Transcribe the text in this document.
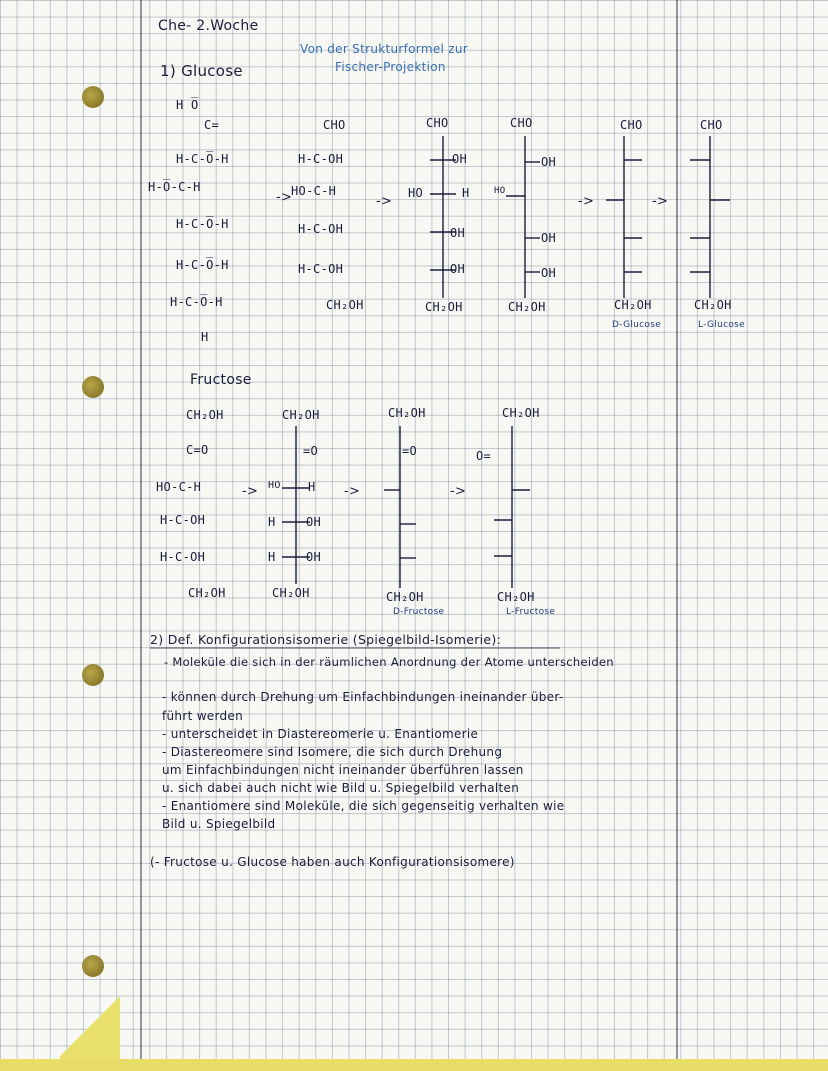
Che- 2.Woche
1) Glucose
Von der Strukturformel zur
Fischer-Projektion
H O̅
C=
H-C-O̅-H
H-O̅-C-H
H-C-O̅-H
H-C-O̅-H
H-C-O̅-H
H
CHO
H-C-OH
HO-C-H
H-C-OH
H-C-OH
CH₂OH
CHO
OH
HO	H
OH
OH
CH₂OH
CHO
OH
HO
OH
OH
CH₂OH
CHO
CH₂OH
D-Glucose
CHO
CH₂OH
L-Glucose
->	->	->	->
Fructose
CH₂OH
C=O
HO-C-H
H-C-OH
H-C-OH
CH₂OH
CH₂OH
=O
HO H
H	OH
H	OH
CH₂OH
CH₂OH
=O
CH₂OH
D-Fructose
CH₂OH
O=
CH₂OH
L-Fructose
->	->	->
2) Def. Konfigurationsisomerie (Spiegelbild-Isomerie):
- Moleküle die sich in der räumlichen Anordnung der Atome unterscheiden
- können durch Drehung um Einfachbindungen ineinander über-
führt werden
- unterscheidet in Diastereomerie u. Enantiomerie
- Diastereomere sind Isomere, die sich durch Drehung
um Einfachbindungen nicht ineinander überführen lassen
u. sich dabei auch nicht wie Bild u. Spiegelbild verhalten
- Enantiomere sind Moleküle, die sich gegenseitig verhalten wie
Bild u. Spiegelbild
(- Fructose u. Glucose haben auch Konfigurationsisomere)
